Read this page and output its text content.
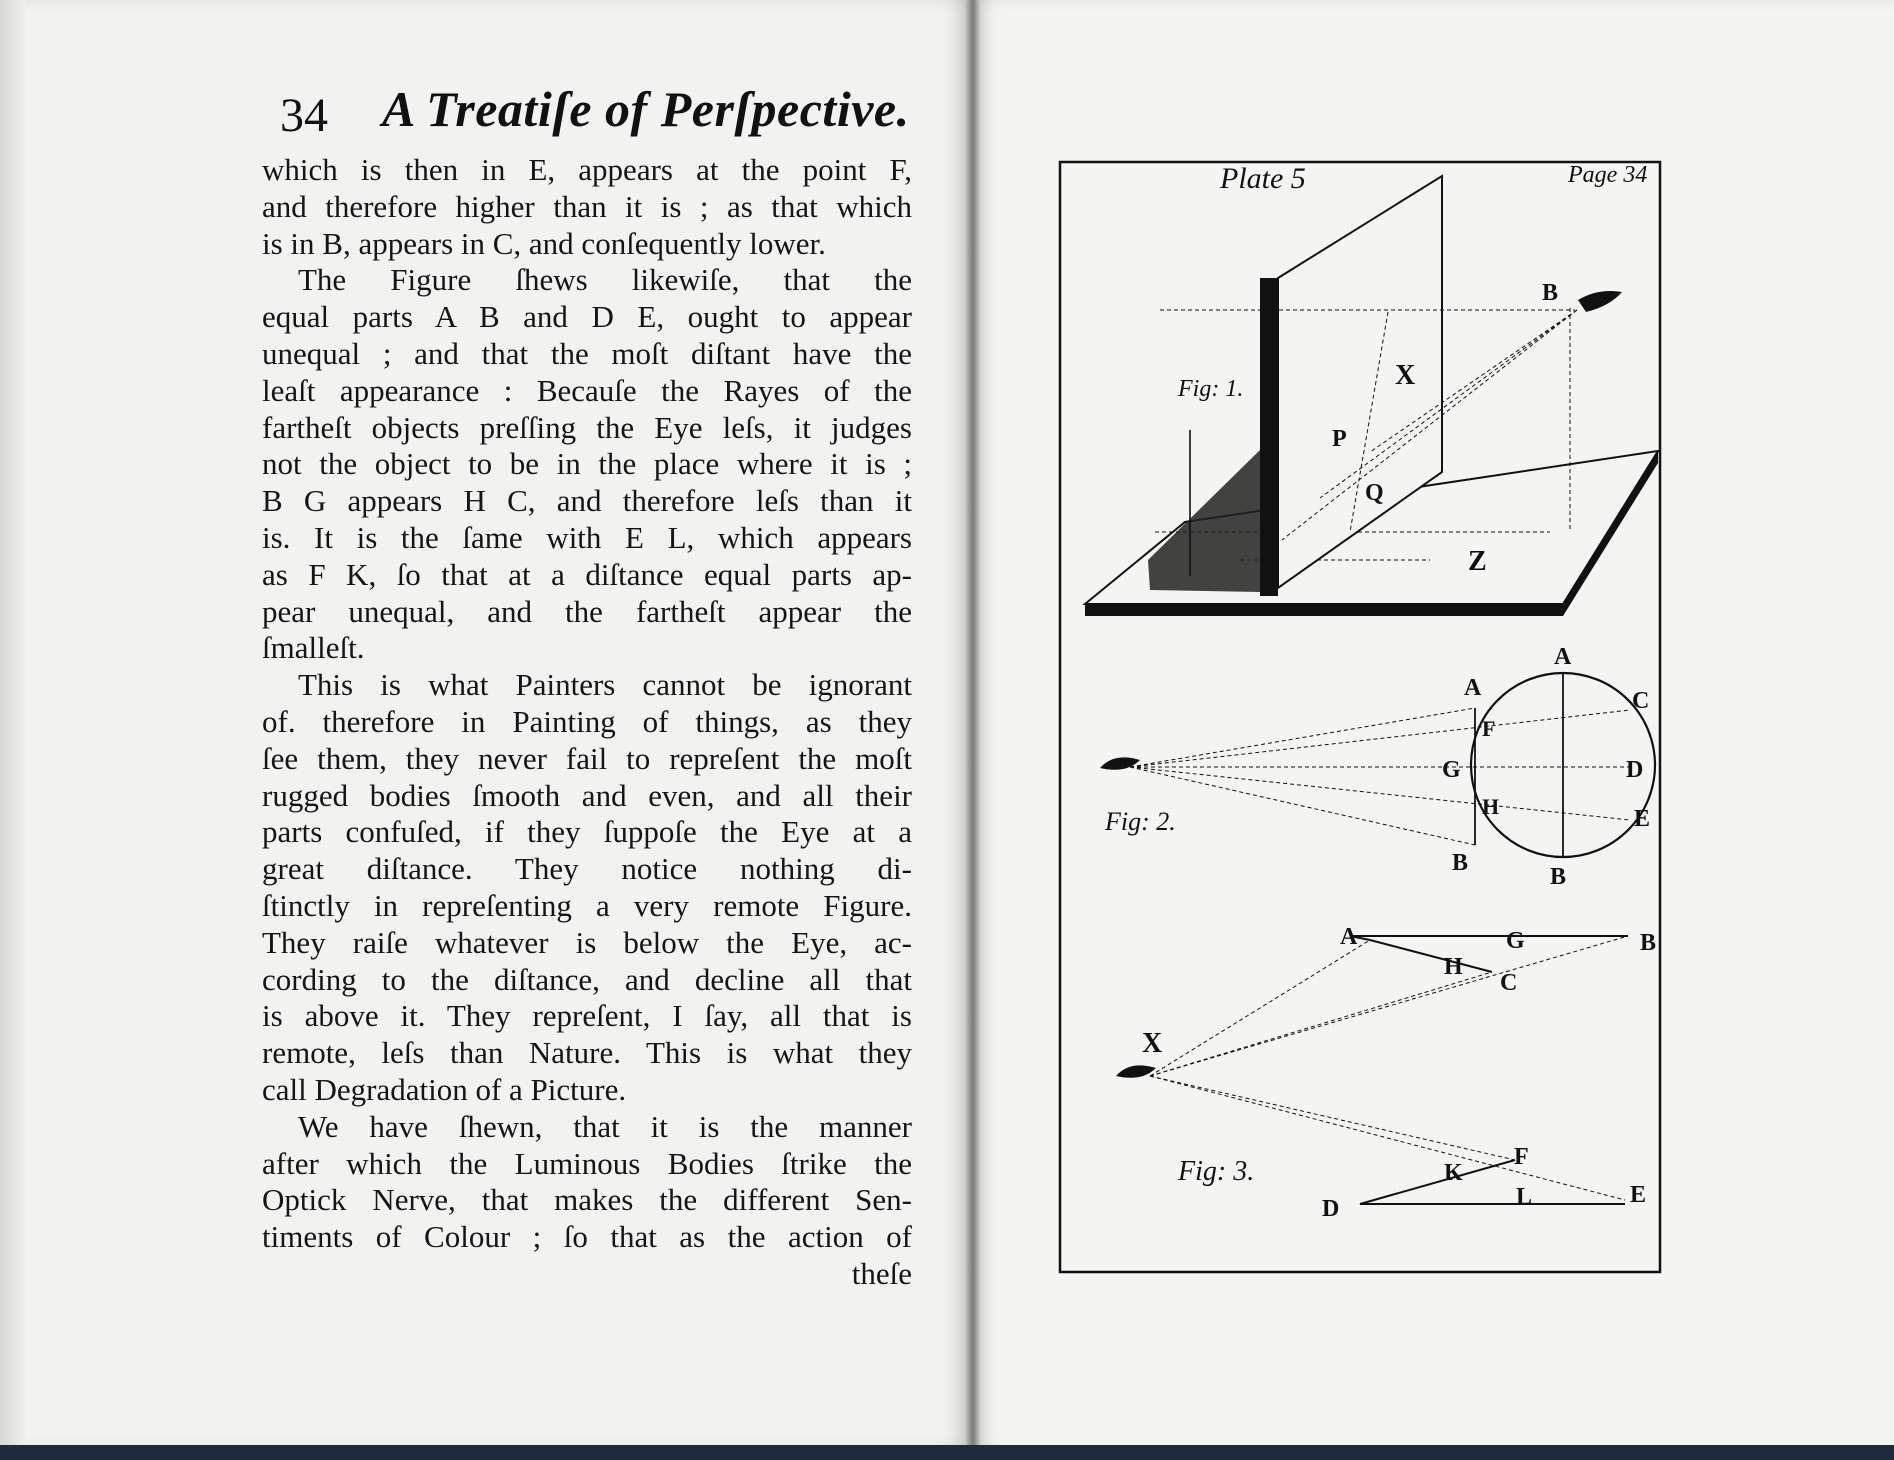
34 A Treatiſe of Perſpective.
which is then in E, appears at the point F,
and therefore higher than it is ; as that which
is in B, appears in C, and conſequently lower.
The Figure ſhews likewiſe, that the
equal parts A B and D E, ought to appear
unequal ; and that the moſt diſtant have the
leaſt appearance : Becauſe the Rayes of the
fartheſt objects preſſing the Eye leſs, it judges
not the object to be in the place where it is ;
B G appears H C, and therefore leſs than it
is. It is the ſame with E L, which appears
as F K, ſo that at a diſtance equal parts ap-
pear unequal, and the fartheſt appear the
ſmalleſt.
This is what Painters cannot be ignorant
of. therefore in Painting of things, as they
ſee them, they never fail to repreſent the moſt
rugged bodies ſmooth and even, and all their
parts confuſed, if they ſuppoſe the Eye at a
great diſtance. They notice nothing di-
ſtinctly in repreſenting a very remote Figure.
They raiſe whatever is below the Eye, ac-
cording to the diſtance, and decline all that
is above it. They repreſent, I ſay, all that is
remote, leſs than Nature. This is what they
call Degradation of a Picture.
We have ſhewn, that it is the manner
after which the Luminous Bodies ſtrike the
Optick Nerve, that makes the different Sen-
timents of Colour ; ſo that as the action of
theſe
Plate 5	Page 34
B
X
P
Q
Z
Fig: 1.
A
A	C
F
G	D
H	E
B
B
Fig: 2.
A	G	B
H
C
X
K
F
D	L	E
Fig: 3.
